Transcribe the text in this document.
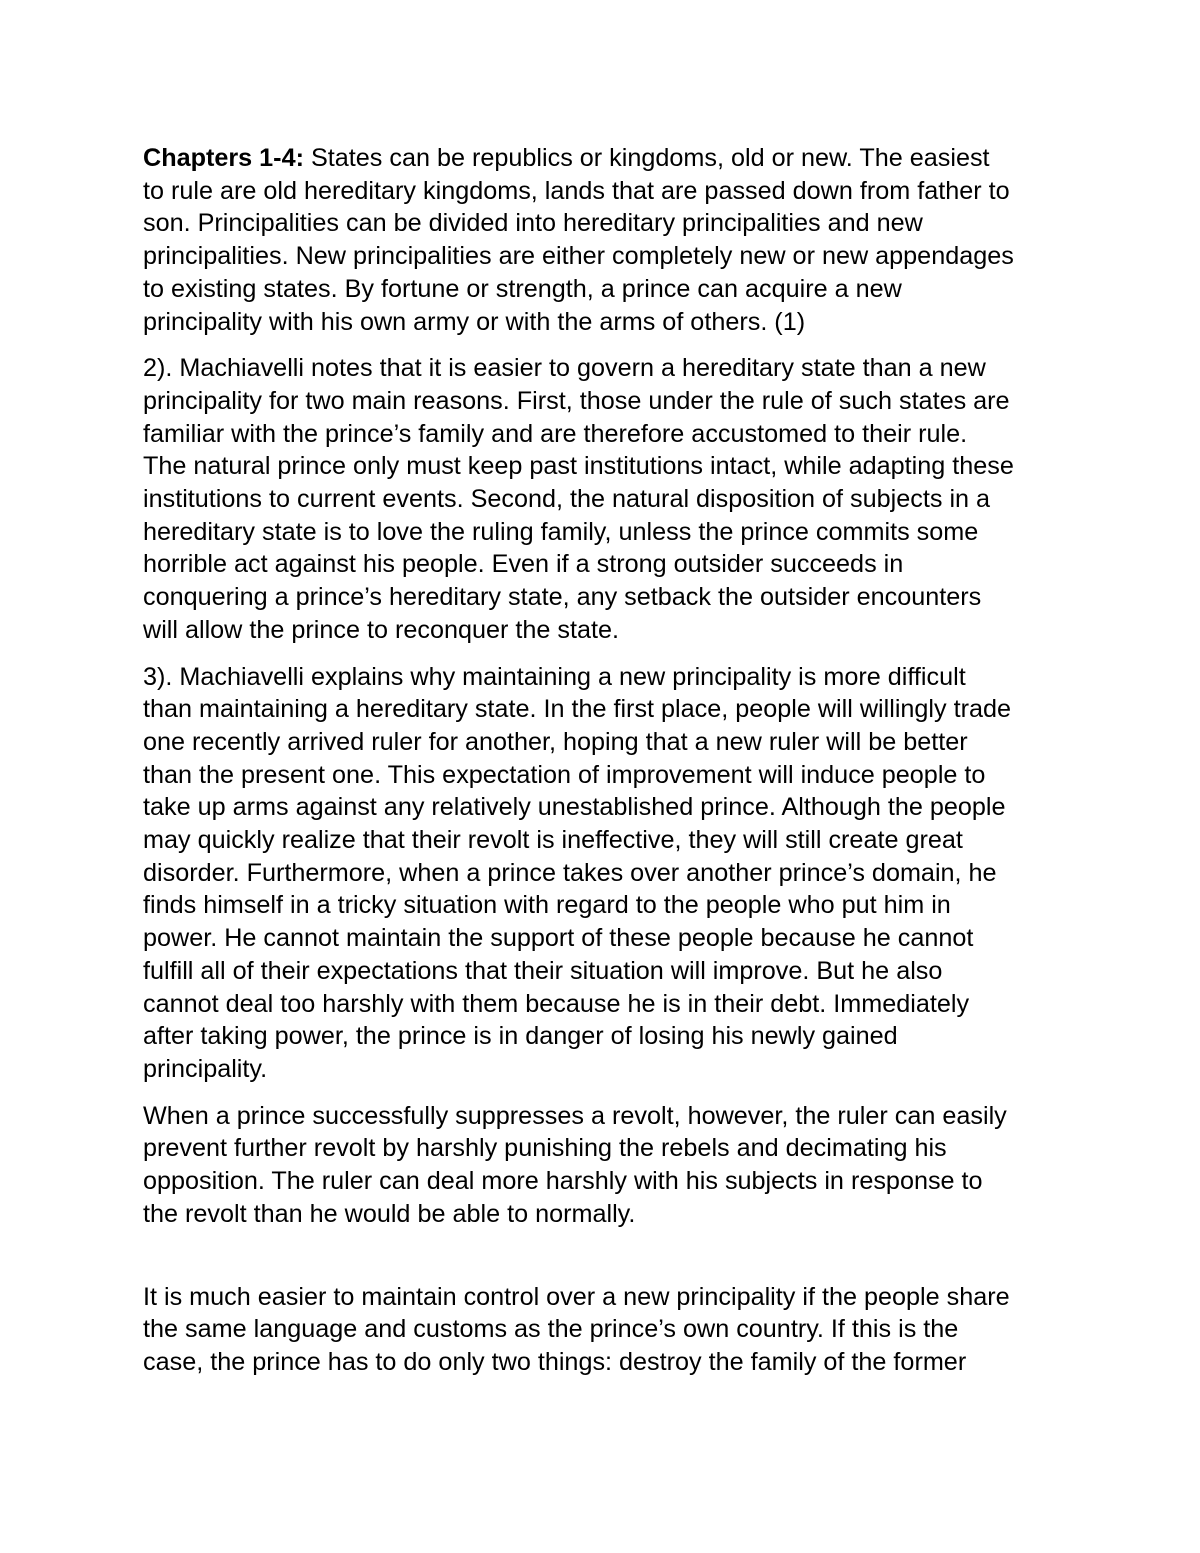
Chapters 1-4: States can be republics or kingdoms, old or new. The easiest
to rule are old hereditary kingdoms, lands that are passed down from father to
son. Principalities can be divided into hereditary principalities and new
principalities. New principalities are either completely new or new appendages
to existing states. By fortune or strength, a prince can acquire a new
principality with his own army or with the arms of others. (1)

2). Machiavelli notes that it is easier to govern a hereditary state than a new
principality for two main reasons. First, those under the rule of such states are
familiar with the prince’s family and are therefore accustomed to their rule.
The natural prince only must keep past institutions intact, while adapting these
institutions to current events. Second, the natural disposition of subjects in a
hereditary state is to love the ruling family, unless the prince commits some
horrible act against his people. Even if a strong outsider succeeds in
conquering a prince’s hereditary state, any setback the outsider encounters
will allow the prince to reconquer the state.

3). Machiavelli explains why maintaining a new principality is more difficult
than maintaining a hereditary state. In the first place, people will willingly trade
one recently arrived ruler for another, hoping that a new ruler will be better
than the present one. This expectation of improvement will induce people to
take up arms against any relatively unestablished prince. Although the people
may quickly realize that their revolt is ineffective, they will still create great
disorder. Furthermore, when a prince takes over another prince’s domain, he
finds himself in a tricky situation with regard to the people who put him in
power. He cannot maintain the support of these people because he cannot
fulfill all of their expectations that their situation will improve. But he also
cannot deal too harshly with them because he is in their debt. Immediately
after taking power, the prince is in danger of losing his newly gained
principality.

When a prince successfully suppresses a revolt, however, the ruler can easily
prevent further revolt by harshly punishing the rebels and decimating his
opposition. The ruler can deal more harshly with his subjects in response to
the revolt than he would be able to normally.

It is much easier to maintain control over a new principality if the people share
the same language and customs as the prince’s own country. If this is the
case, the prince has to do only two things: destroy the family of the former
